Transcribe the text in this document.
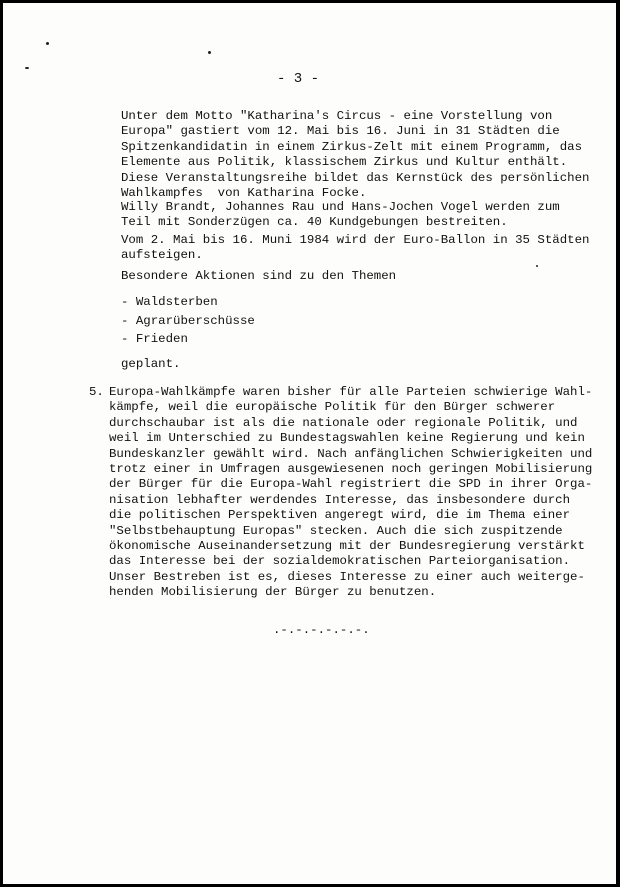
- 3 -
Unter dem Motto "Katharina's Circus - eine Vorstellung von
Europa" gastiert vom 12. Mai bis 16. Juni in 31 Städten die
Spitzenkandidatin in einem Zirkus-Zelt mit einem Programm, das
Elemente aus Politik, klassischem Zirkus und Kultur enthält.
Diese Veranstaltungsreihe bildet das Kernstück des persönlichen
Wahlkampfes  von Katharina Focke.
Willy Brandt, Johannes Rau und Hans-Jochen Vogel werden zum
Teil mit Sonderzügen ca. 40 Kundgebungen bestreiten.
Vom 2. Mai bis 16. Muni 1984 wird der Euro-Ballon in 35 Städten
aufsteigen.
Besondere Aktionen sind zu den Themen
- Waldsterben
- Agrarüberschüsse
- Frieden
geplant.
5. Europa-Wahlkämpfe waren bisher für alle Parteien schwierige Wahl-
kämpfe, weil die europäische Politik für den Bürger schwerer
durchschaubar ist als die nationale oder regionale Politik, und
weil im Unterschied zu Bundestagswahlen keine Regierung und kein
Bundeskanzler gewählt wird. Nach anfänglichen Schwierigkeiten und
trotz einer in Umfragen ausgewiesenen noch geringen Mobilisierung
der Bürger für die Europa-Wahl registriert die SPD in ihrer Orga-
nisation lebhafter werdendes Interesse, das insbesondere durch
die politischen Perspektiven angeregt wird, die im Thema einer
"Selbstbehauptung Europas" stecken. Auch die sich zuspitzende
ökonomische Auseinandersetzung mit der Bundesregierung verstärkt
das Interesse bei der sozialdemokratischen Parteiorganisation.
Unser Bestreben ist es, dieses Interesse zu einer auch weiterge-
henden Mobilisierung der Bürger zu benutzen.
.-.-.-.-.-.-.
